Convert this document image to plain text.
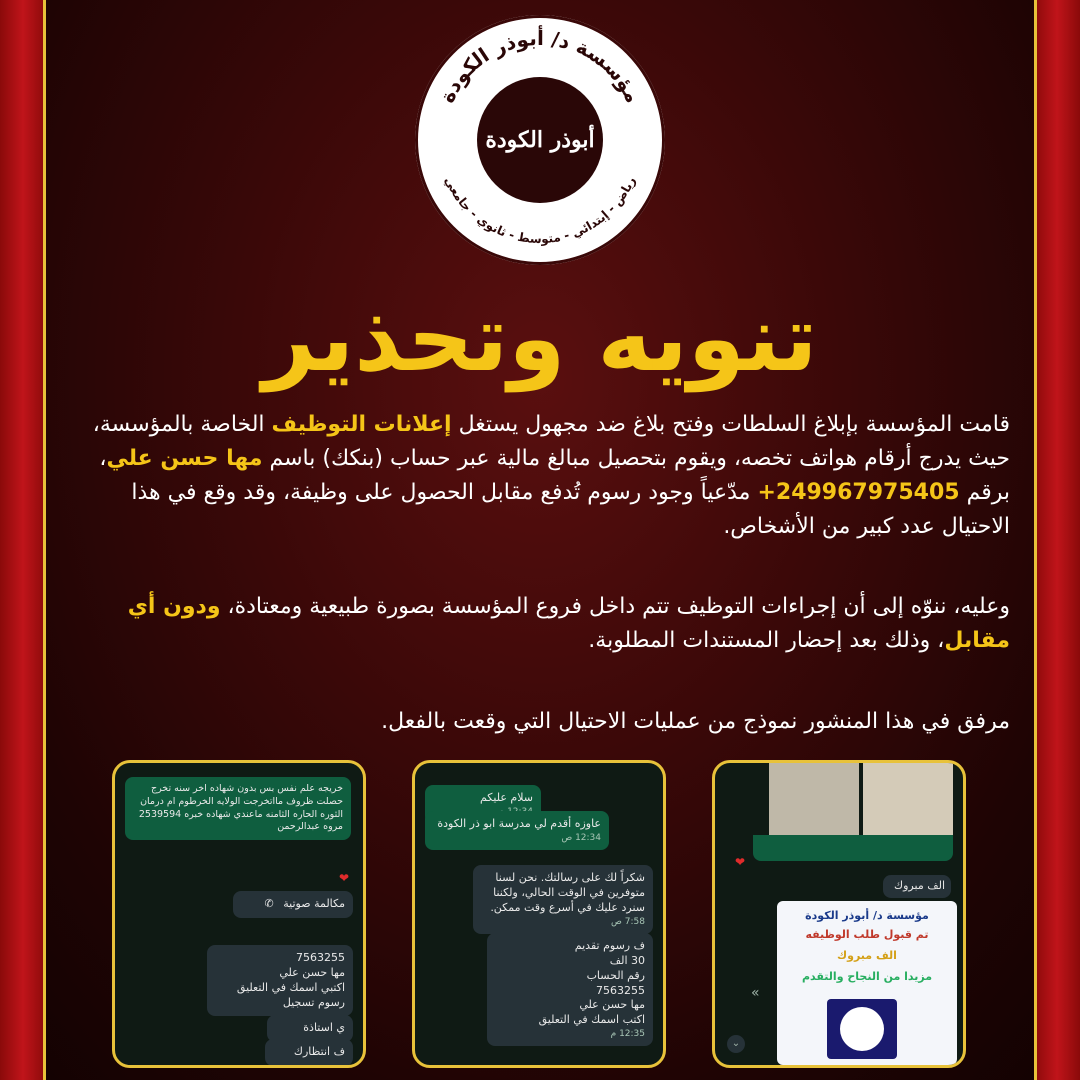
مؤسسة د/ أبوذر الكودة
رياض - إبتدائي - متوسط - ثانوي - جامعي
أبوذر الكودة
تنويه وتحذير
قامت المؤسسة بإبلاغ السلطات وفتح بلاغ ضد مجهول يستغل إعلانات التوظيف الخاصة بالمؤسسة، حيث يدرج أرقام هواتف تخصه، ويقوم بتحصيل مبالغ مالية عبر حساب (بنكك) باسم مها حسن علي، برقم +249967975405 مدّعياً وجود رسوم تُدفع مقابل الحصول على وظيفة، وقد وقع في هذا الاحتيال عدد كبير من الأشخاص.
وعليه، ننوّه إلى أن إجراءات التوظيف تتم داخل فروع المؤسسة بصورة طبيعية ومعتادة، ودون أي مقابل، وذلك بعد إحضار المستندات المطلوبة.
مرفق في هذا المنشور نموذج من عمليات الاحتيال التي وقعت بالفعل.
❤
الف مبروك
مؤسسة د/ أبوذر الكودة
تم قبول طلب الوظيفه
الف مبروك
مزيدا من النجاح والتقدم
»
⌄
سلام عليكم
عاوزه أقدم لي مدرسة ابو ذر الكودة
12:34 ص
شكراً لك على رسالتك. نحن لسنا متوفرين في الوقت الحالي، ولكننا سنرد عليك في أسرع وقت ممكن.
7:58 ص
ف رسوم تقديم
30 الف
رقم الحساب
7563255
مها حسن علي
اكتب اسمك في التعليق
12:35 م
خريجه علم نفس بس بدون شهاده اخر سنه تخرج حصلت ظروف مااتخرجت الولايه الخرطوم ام درمان الثوره الحاره الثامنه ماعندي شهاده خبره 2539594 مروه عبدالرحمن
❤
مكالمة صوتية ✆
7563255
مها حسن علي
اكتبي اسمك في التعليق
رسوم تسجيل
ي استاذة
ف انتظارك
